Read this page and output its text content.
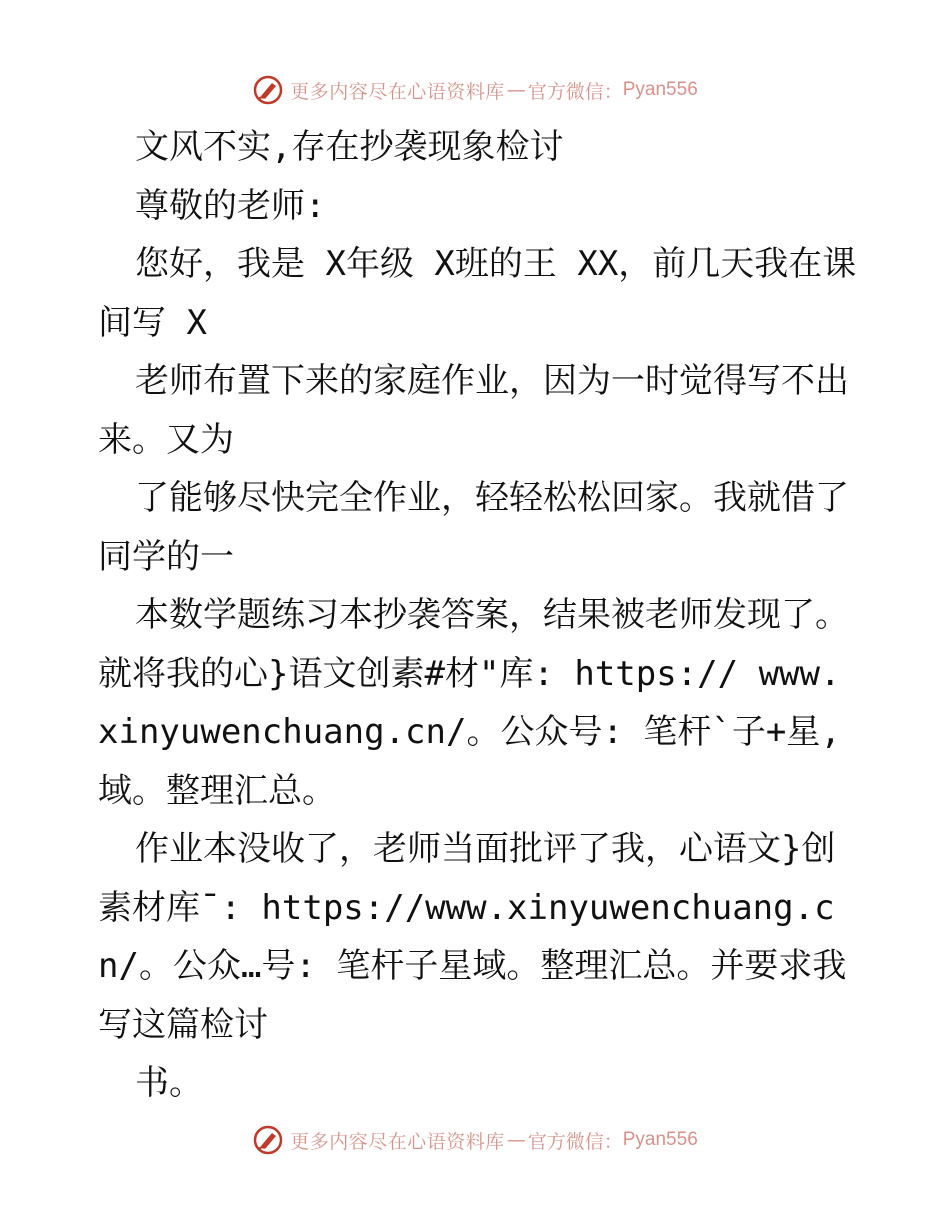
更多内容尽在心语资料库 — 官方微信： Pyan556

文风不实,存在抄袭现象检讨

尊敬的老师:

您好，我是 X年级 X班的王 XX，前几天我在课间写 X

老师布置下来的家庭作业，因为一时觉得写不出来。又为

了能够尽快完全作业，轻轻松松回家。我就借了同学的一

本数学题练习本抄袭答案，结果被老师发现了。就将我的心}语文创素#材"库: https:// www.xinyuwenchuang.cn/。公众号: 笔杆`子+星,域。整理汇总。

作业本没收了，老师当面批评了我，心语文}创素材库¯: https://www.xinyuwenchuang.cn/。公众…号: 笔杆子星域。整理汇总。并要求我写这篇检讨

书。

更多内容尽在心语资料库 — 官方微信： Pyan556
